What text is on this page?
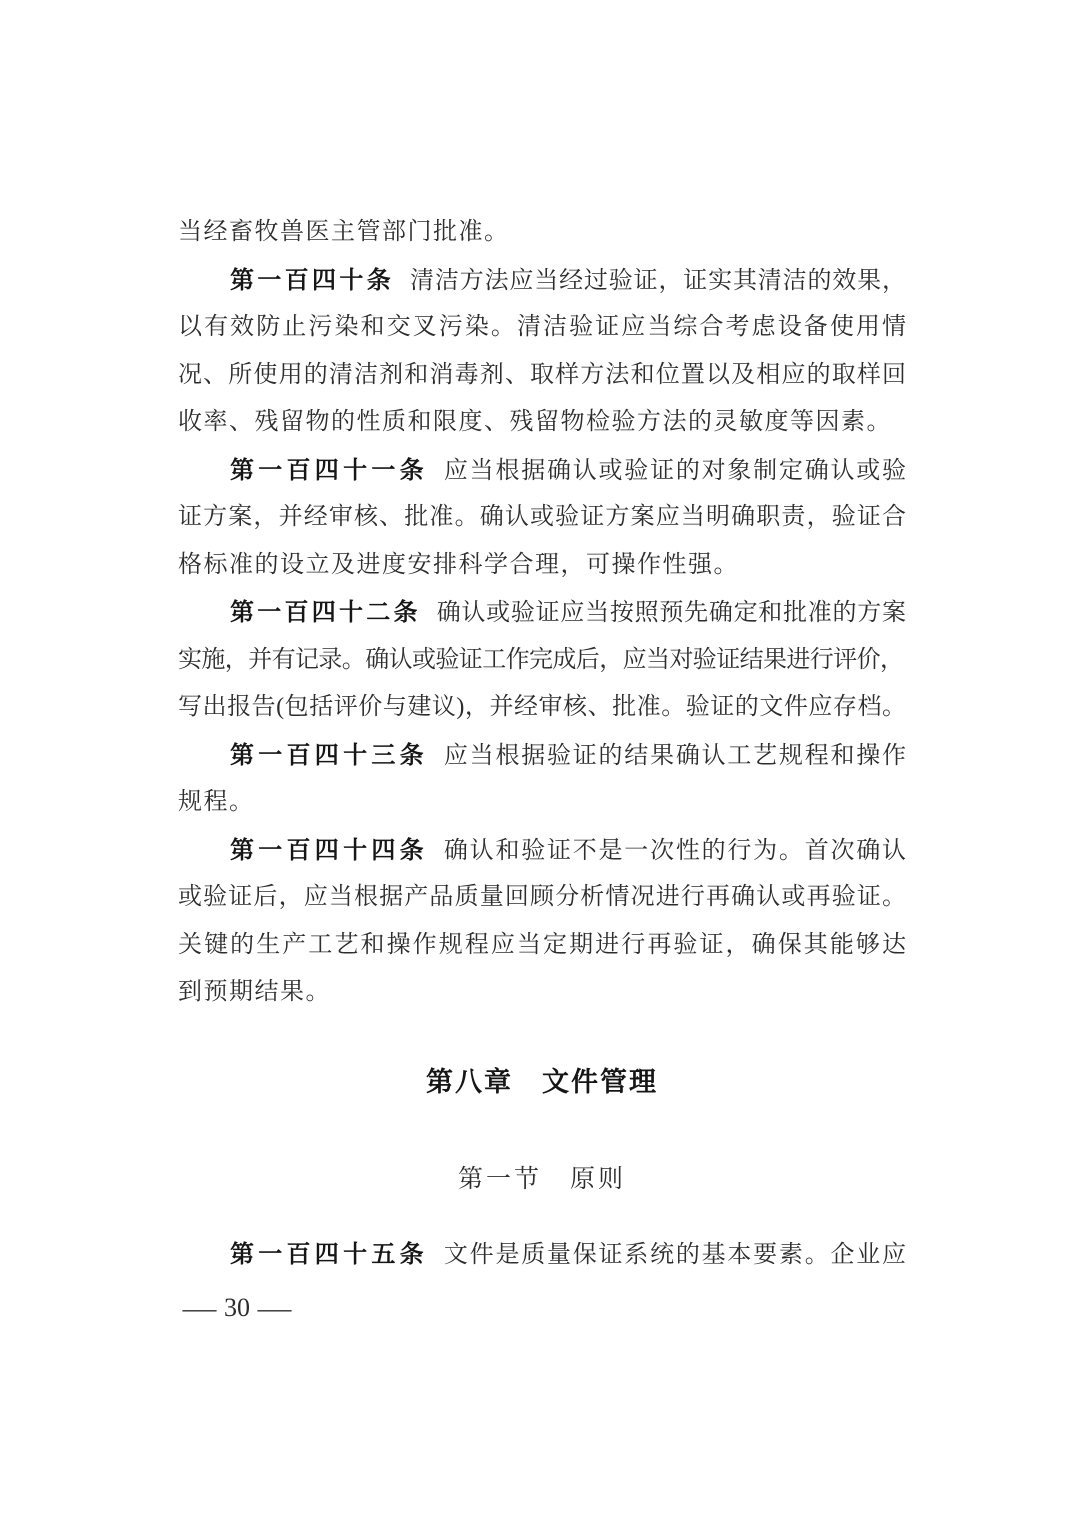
当经畜牧兽医主管部门批准。
第一百四十条 清洁方法应当经过验证，证实其清洁的效果，
以有效防止污染和交叉污染。清洁验证应当综合考虑设备使用情
况、所使用的清洁剂和消毒剂、取样方法和位置以及相应的取样回
收率、残留物的性质和限度、残留物检验方法的灵敏度等因素。
第一百四十一条 应当根据确认或验证的对象制定确认或验
证方案，并经审核、批准。确认或验证方案应当明确职责，验证合
格标准的设立及进度安排科学合理，可操作性强。
第一百四十二条 确认或验证应当按照预先确定和批准的方案
实施，并有记录。确认或验证工作完成后，应当对验证结果进行评价，
写出报告(包括评价与建议)，并经审核、批准。验证的文件应存档。
第一百四十三条 应当根据验证的结果确认工艺规程和操作
规程。
第一百四十四条 确认和验证不是一次性的行为。首次确认
或验证后，应当根据产品质量回顾分析情况进行再确认或再验证。
关键的生产工艺和操作规程应当定期进行再验证，确保其能够达
到预期结果。
第八章　文件管理
第一节　原则
第一百四十五条 文件是质量保证系统的基本要素。企业应
— 30 —
